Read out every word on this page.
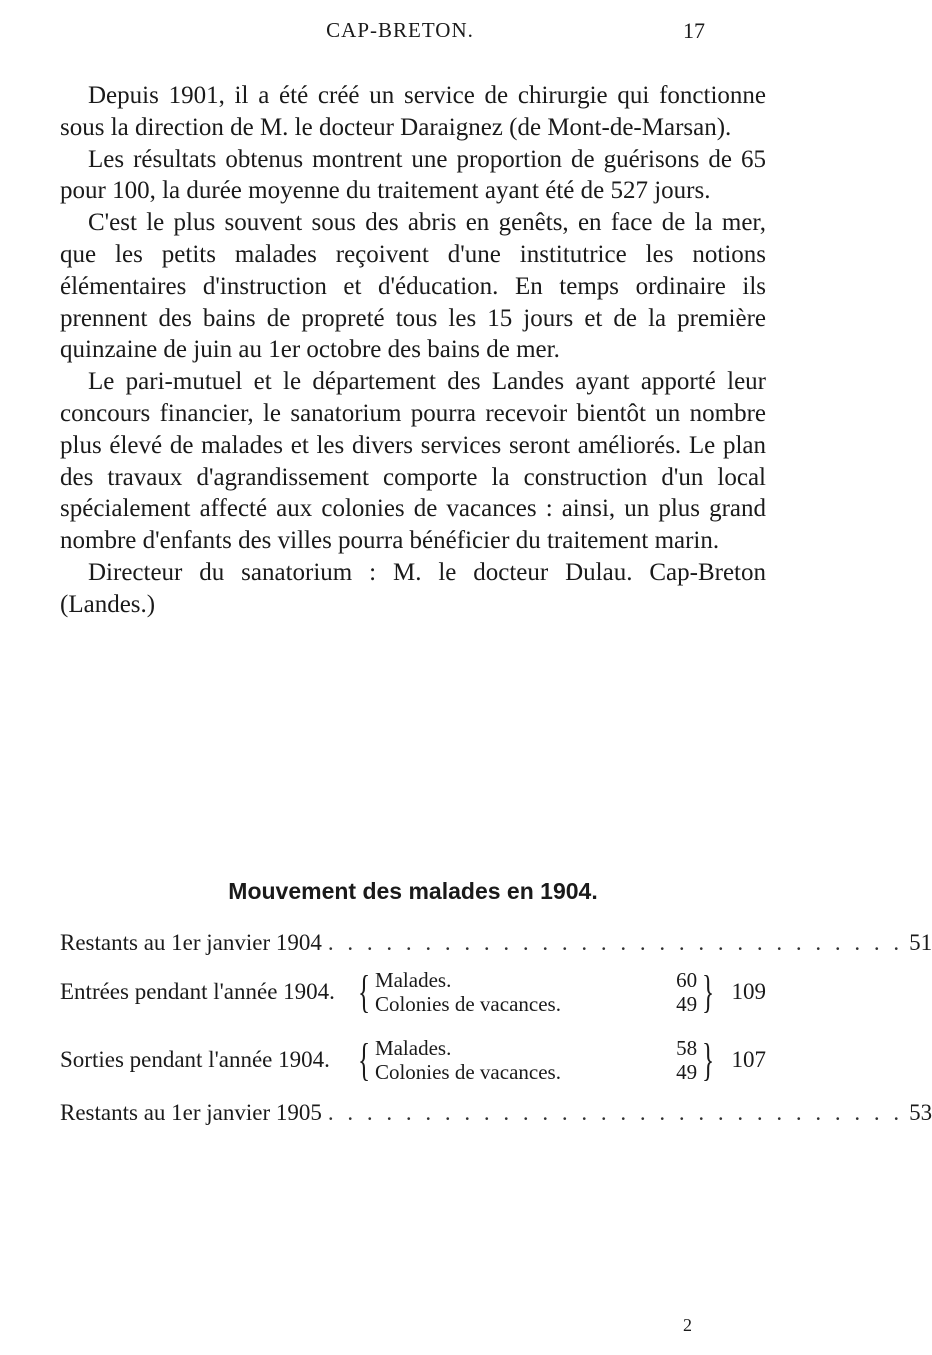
CAP-BRETON.	17

Depuis 1901, il a été créé un service de chirurgie qui fonctionne sous la direction de M. le docteur Daraignez (de Mont-de-Marsan).

Les résultats obtenus montrent une proportion de guérisons de 65 pour 100, la durée moyenne du traitement ayant été de 527 jours.

C'est le plus souvent sous des abris en genêts, en face de la mer, que les petits malades reçoivent d'une institutrice les notions élémentaires d'instruction et d'éducation. En temps ordinaire ils prennent des bains de propreté tous les 15 jours et de la première quinzaine de juin au 1er octobre des bains de mer.

Le pari-mutuel et le département des Landes ayant apporté leur concours financier, le sanatorium pourra recevoir bientôt un nombre plus élevé de malades et les divers services seront améliorés. Le plan des travaux d'agrandissement comporte la construction d'un local spécialement affecté aux colonies de vacances : ainsi, un plus grand nombre d'enfants des villes pourra bénéficier du traitement marin.

Directeur du sanatorium : M. le docteur Dulau. Cap-Breton (Landes.)

Mouvement des malades en 1904.
Restants au 1er janvier 1904 . . . . . . . . . . . . . . . . . . . . . . . . . . . . . . 51
Entrées pendant l'année 1904. { Malades.	60
Colonies de vacances.	49 } 109
Sorties pendant l'année 1904. { Malades.	58
Colonies de vacances.	49 } 107
Restants au 1er janvier 1905 . . . . . . . . . . . . . . . . . . . . . . . . . . . . . . 53
2
